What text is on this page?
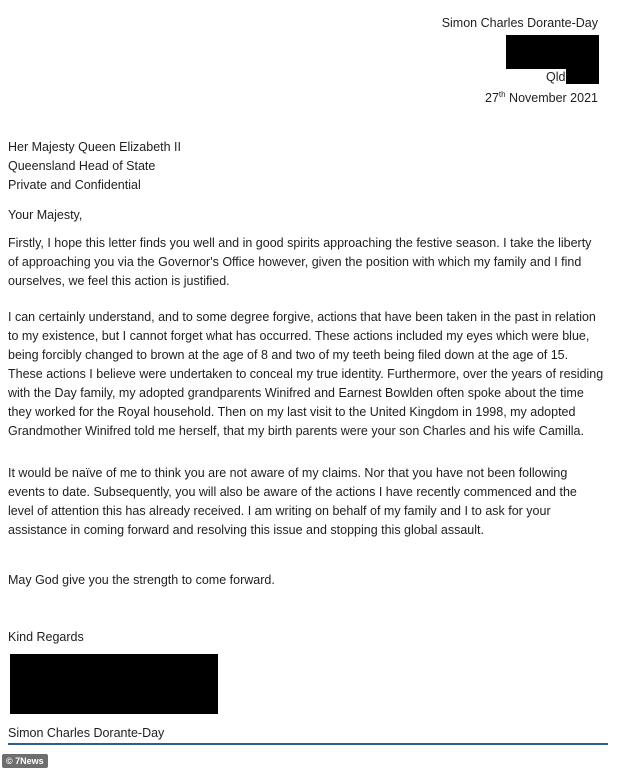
Simon Charles Dorante-Day
Qld
27th November 2021
Her Majesty Queen Elizabeth II
Queensland Head of State
Private and Confidential
Your Majesty,
Firstly, I hope this letter finds you well and in good spirits approaching the festive season. I take the liberty of approaching you via the Governor's Office however, given the position with which my family and I find ourselves, we feel this action is justified.
I can certainly understand, and to some degree forgive, actions that have been taken in the past in relation to my existence, but I cannot forget what has occurred. These actions included my eyes which were blue, being forcibly changed to brown at the age of 8 and two of my teeth being filed down at the age of 15. These actions I believe were undertaken to conceal my true identity. Furthermore, over the years of residing with the Day family, my adopted grandparents Winifred and Earnest Bowlden often spoke about the time they worked for the Royal household. Then on my last visit to the United Kingdom in 1998, my adopted Grandmother Winifred told me herself, that my birth parents were your son Charles and his wife Camilla.
It would be naïve of me to think you are not aware of my claims. Nor that you have not been following events to date. Subsequently, you will also be aware of the actions I have recently commenced and the level of attention this has already received. I am writing on behalf of my family and I to ask for your assistance in coming forward and resolving this issue and stopping this global assault.
May God give you the strength to come forward.
Kind Regards
Simon Charles Dorante-Day
© 7News
